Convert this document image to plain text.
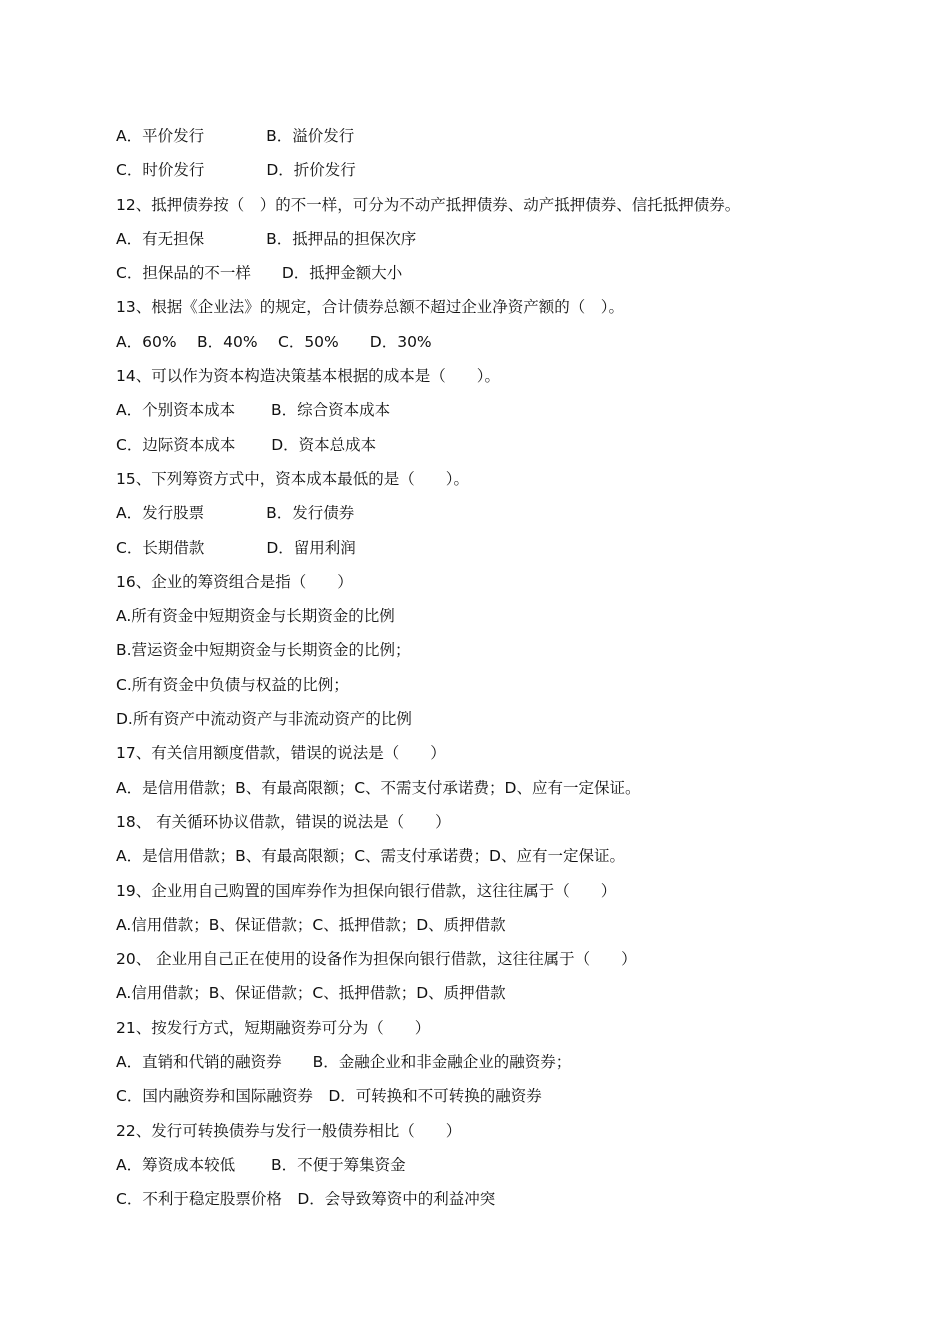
A．平价发行　　　　B．溢价发行
C．时价发行　　　　D．折价发行
12、抵押债券按（　）的不一样，可分为不动产抵押债券、动产抵押债券、信托抵押债券。
A．有无担保　　　　B．抵押品的担保次序
C．担保品的不一样　　D．抵押金额大小
13、根据《企业法》的规定，合计债券总额不超过企业净资产额的（　）。
A．60%　 B．40%　 C．50%　　D．30%
14、可以作为资本构造决策基本根据的成本是（　　）。
A．个别资本成本　　 B．综合资本成本
C．边际资本成本　　 D．资本总成本
15、下列筹资方式中，资本成本最低的是（　　）。
A．发行股票　　　　B．发行债券
C．长期借款　　　　D．留用利润
16、企业的筹资组合是指（　　）
A.所有资金中短期资金与长期资金的比例
B.营运资金中短期资金与长期资金的比例；
C.所有资金中负债与权益的比例；
D.所有资产中流动资产与非流动资产的比例
17、有关信用额度借款，错误的说法是（　　）
A．是信用借款；B、有最高限额；C、不需支付承诺费；D、应有一定保证。
18、 有关循环协议借款，错误的说法是（　　）
A．是信用借款；B、有最高限额；C、需支付承诺费；D、应有一定保证。
19、企业用自己购置的国库券作为担保向银行借款，这往往属于（　　）
A.信用借款；B、保证借款；C、抵押借款；D、质押借款
20、 企业用自己正在使用的设备作为担保向银行借款，这往往属于（　　）
A.信用借款；B、保证借款；C、抵押借款；D、质押借款
21、按发行方式，短期融资券可分为（　　）
A．直销和代销的融资券　　B．金融企业和非金融企业的融资券；
C．国内融资券和国际融资券　D．可转换和不可转换的融资券
22、发行可转换债券与发行一般债券相比（　　）
A．筹资成本较低　　 B．不便于筹集资金
C．不利于稳定股票价格　D．会导致筹资中的利益冲突
